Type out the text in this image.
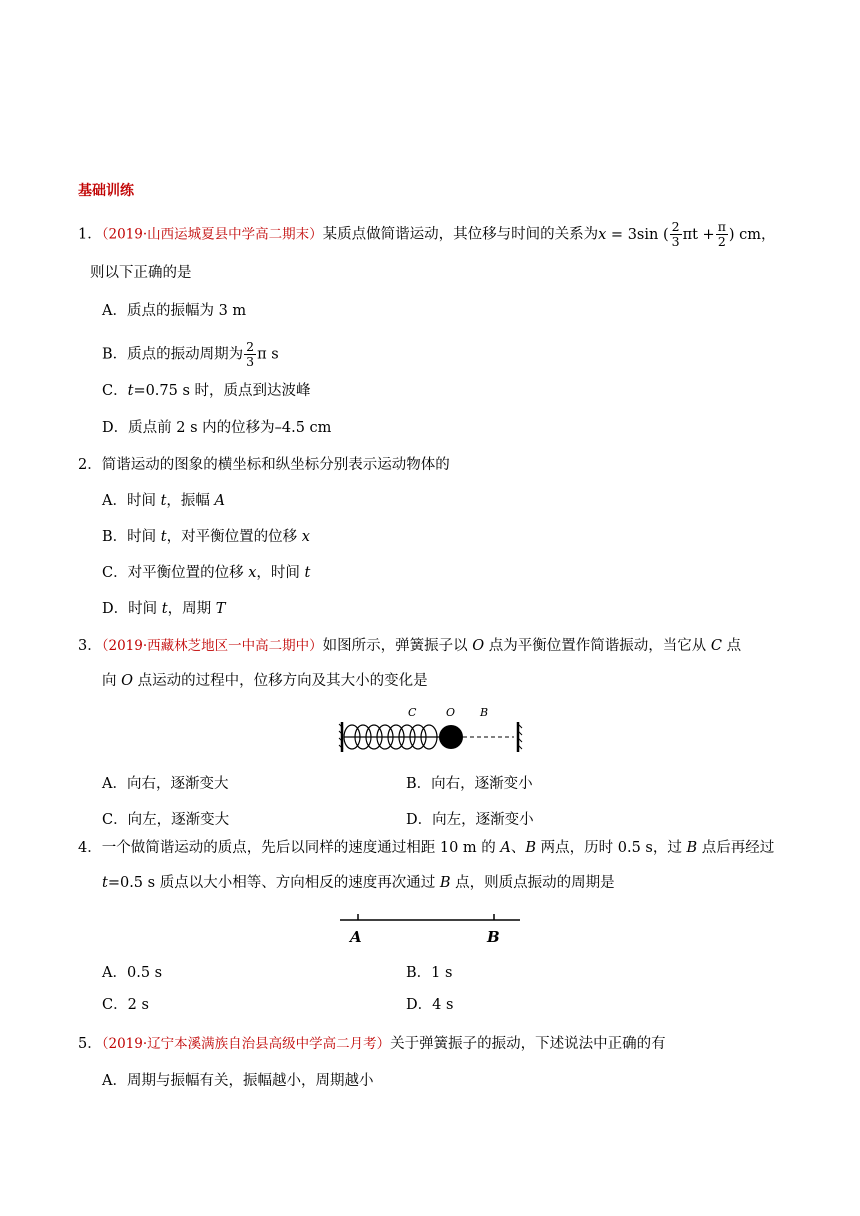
基础训练
1．（2019·山西运城夏县中学高二期末）某质点做简谐运动，其位移与时间的关系为x = 3sin ( $\frac{2}{3}$ $\pi t + \frac{\pi}{2}$ ) cm，
则以下正确的是
A．质点的振幅为 3 m
B．质点的振动周期为 $\frac{2}{3}$ π s
C．t=0.75 s 时，质点到达波峰
D．质点前 2 s 内的位移为–4.5 cm
2．简谐运动的图象的横坐标和纵坐标分别表示运动物体的
A．时间 t，振幅 A
B．时间 t，对平衡位置的位移 x
C．对平衡位置的位移 x，时间 t
D．时间 t，周期 T
3．（2019·西藏林芝地区一中高二期中）如图所示，弹簧振子以 O 点为平衡位置作简谐振动，当它从 C 点
向 O 点运动的过程中，位移方向及其大小的变化是
C	O B
A．向右，逐渐变大	B．向右，逐渐变小
C．向左，逐渐变大	D．向左，逐渐变小
4．一个做简谐运动的质点，先后以同样的速度通过相距 10 m 的 A、B 两点，历时 0.5 s，过 B 点后再经过
t=0.5 s 质点以大小相等、方向相反的速度再次通过 B 点，则质点振动的周期是
A	B
A．0.5 s	B．1 s
C．2 s	D．4 s
5．（2019·辽宁本溪满族自治县高级中学高二月考）关于弹簧振子的振动，下述说法中正确的有
A．周期与振幅有关，振幅越小，周期越小
